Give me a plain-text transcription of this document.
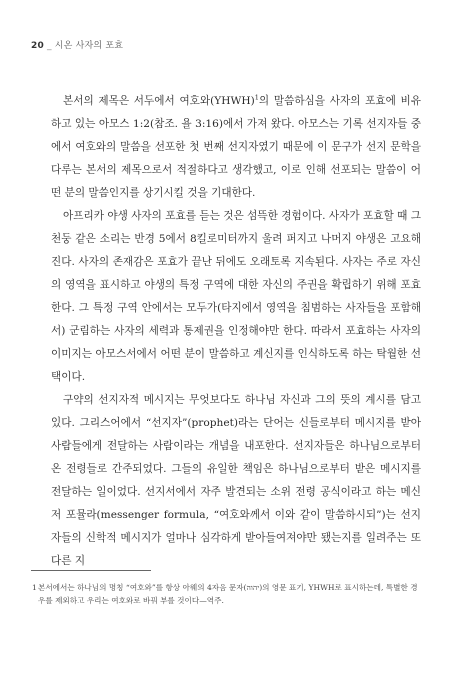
20 _ 시온 사자의 포효

본서의 제목은 서두에서 여호와(YHWH)$^1$의 말씀하심을 사자의 포효에 비유하고 있는 아모스 1:2(참조. 욜 3:16)에서 가져 왔다. 아모스는 기록 선지자들 중에서 여호와의 말씀을 선포한 첫 번째 선지자였기 때문에 이 문구가 선지 문학을 다루는 본서의 제목으로서 적절하다고 생각했고, 이로 인해 선포되는 말씀이 어떤 분의 말씀인지를 상기시킬 것을 기대한다.

아프리카 야생 사자의 포효를 듣는 것은 섬뜩한 경험이다. 사자가 포효할 때 그 천둥 같은 소리는 반경 5에서 8킬로미터까지 울려 퍼지고 나머지 야생은 고요해진다. 사자의 존재감은 포효가 끝난 뒤에도 오래토록 지속된다. 사자는 주로 자신의 영역을 표시하고 야생의 특정 구역에 대한 자신의 주권을 확립하기 위해 포효한다. 그 특정 구역 안에서는 모두가(타지에서 영역을 침범하는 사자들을 포함해서) 군림하는 사자의 세력과 통제권을 인정해야만 한다. 따라서 포효하는 사자의 이미지는 아모스서에서 어떤 분이 말씀하고 계신지를 인식하도록 하는 탁월한 선택이다.

구약의 선지자적 메시지는 무엇보다도 하나님 자신과 그의 뜻의 계시를 담고 있다. 그리스어에서 “선지자”(prophet)라는 단어는 신들로부터 메시지를 받아 사람들에게 전달하는 사람이라는 개념을 내포한다. 선지자들은 하나님으로부터 온 전령들로 간주되었다. 그들의 유일한 책임은 하나님으로부터 받은 메시지를 전달하는 일이었다. 선지서에서 자주 발견되는 소위 전령 공식이라고 하는 메신저 포뮬라(messenger formula, “여호와께서 이와 같이 말씀하시되”)는 선지자들의 신학적 메시지가 얼마나 심각하게 받아들여져야만 됐는지를 일려주는 또 다른 지

1 본서에서는 하나님의 명칭 “여호와”를 항상 아웨의 4자음 문자(יהוה)의 영문 표기, YHWH로 표시하는데, 특별한 경우를 제외하고 우리는 여호와로 바꿔 부를 것이다—역주.
